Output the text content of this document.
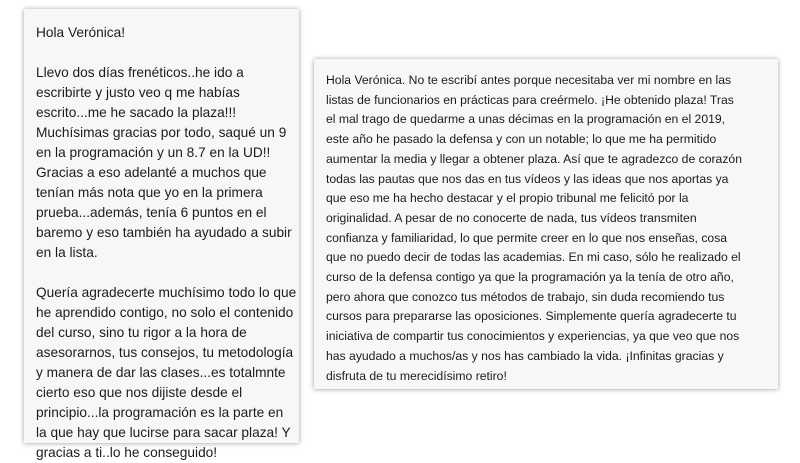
Hola Verónica!
Llevo dos días frenéticos..he ido a
escribirte y justo veo q me habías
escrito...me he sacado la plaza!!!
Muchísimas gracias por todo, saqué un 9
en la programación y un 8.7 en la UD!!
Gracias a eso adelanté a muchos que
tenían más nota que yo en la primera
prueba...además, tenía 6 puntos en el
baremo y eso también ha ayudado a subir
en la lista.
Quería agradecerte muchísimo todo lo que
he aprendido contigo, no solo el contenido
del curso, sino tu rigor a la hora de
asesorarnos, tus consejos, tu metodología
y manera de dar las clases...es totalmnte
cierto eso que nos dijiste desde el
principio...la programación es la parte en
la que hay que lucirse para sacar plaza! Y
gracias a ti..lo he conseguido!
Hola Verónica. No te escribí antes porque necesitaba ver mi nombre en las
listas de funcionarios en prácticas para creérmelo. ¡He obtenido plaza! Tras
el mal trago de quedarme a unas décimas en la programación en el 2019,
este año he pasado la defensa y con un notable; lo que me ha permitido
aumentar la media y llegar a obtener plaza. Así que te agradezco de corazón
todas las pautas que nos das en tus vídeos y las ideas que nos aportas ya
que eso me ha hecho destacar y el propio tribunal me felicitó por la
originalidad. A pesar de no conocerte de nada, tus vídeos transmiten
confianza y familiaridad, lo que permite creer en lo que nos enseñas, cosa
que no puedo decir de todas las academias. En mi caso, sólo he realizado el
curso de la defensa contigo ya que la programación ya la tenía de otro año,
pero ahora que conozco tus métodos de trabajo, sin duda recomiendo tus
cursos para prepararse las oposiciones. Simplemente quería agradecerte tu
iniciativa de compartir tus conocimientos y experiencias, ya que veo que nos
has ayudado a muchos/as y nos has cambiado la vida. ¡Infinitas gracias y
disfruta de tu merecidísimo retiro!
